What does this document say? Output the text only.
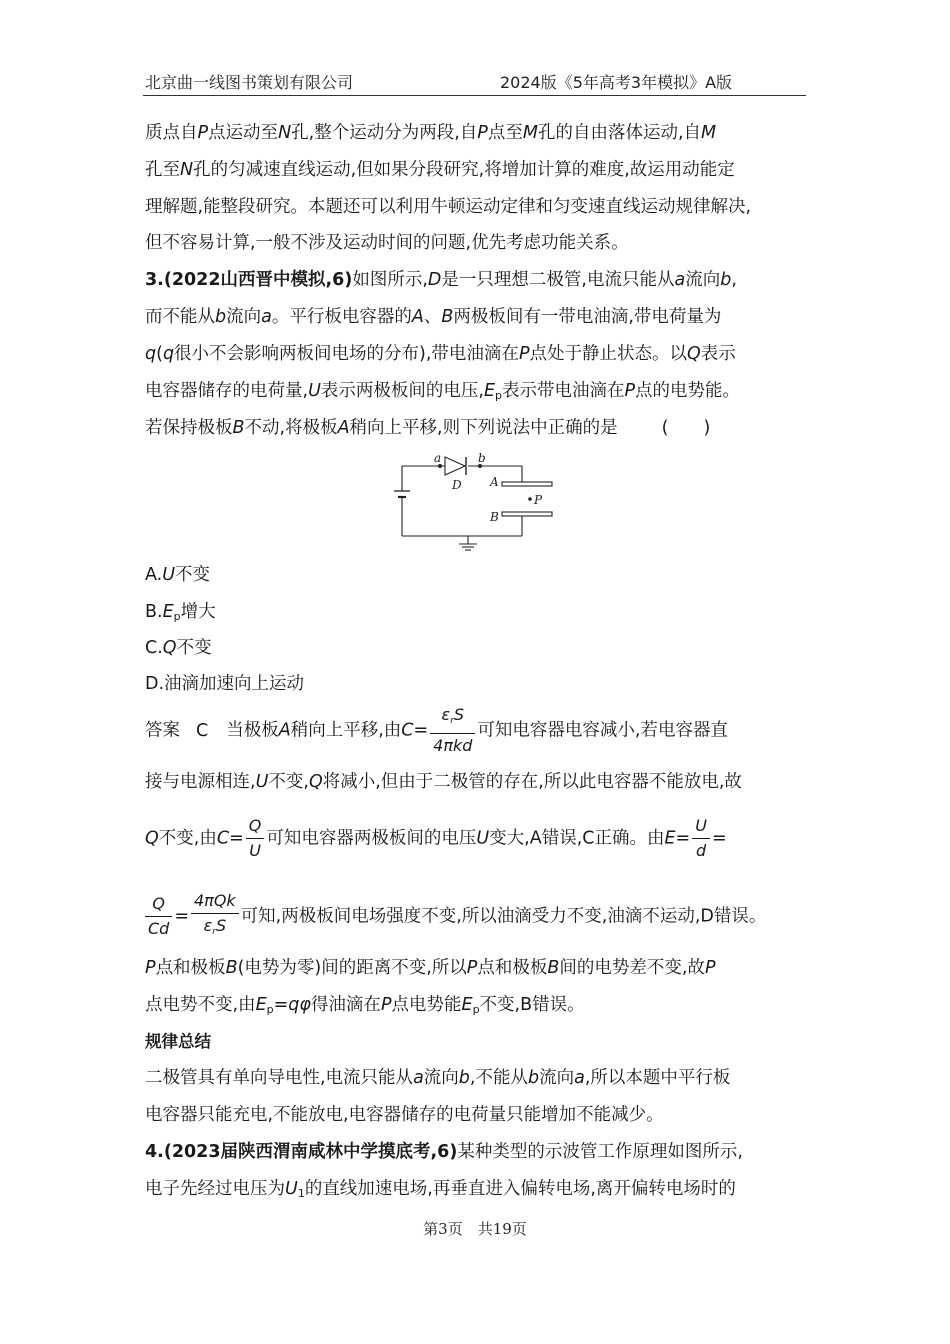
北京曲一线图书策划有限公司	2024版《5年高考3年模拟》A版
质点自P点运动至N孔,整个运动分为两段,自P点至M孔的自由落体运动,自M
孔至N孔的匀减速直线运动,但如果分段研究,将增加计算的难度,故运用动能定
理解题,能整段研究。本题还可以利用牛顿运动定律和匀变速直线运动规律解决,
但不容易计算,一般不涉及运动时间的问题,优先考虑功能关系。
3.(2022山西晋中模拟,6)如图所示,D是一只理想二极管,电流只能从a流向b,
而不能从b流向a。平行板电容器的A、B两极板间有一带电油滴,带电荷量为
q(q很小不会影响两板间电场的分布),带电油滴在P点处于静止状态。以Q表示
电容器储存的电荷量,U表示两极板间的电压$,E_p$表示带电油滴在P点的电势能。
若保持极板B不动,将极板A稍向上平移,则下列说法中正确的是	(　　)
a	b
D A
P
B
A.U不变
$B.E_p$增大
C.Q不变
D.油滴加速向上运动
答案 C 当极板A稍向上平移,由$C= \frac{\text{εrS}}{\text{4πkd}}$ 可知电容器电容减小,若电容器直
接与电源相连,U不变,Q将减小,但由于二极管的存在,所以此电容器不能放电,故
Q不变,由$C= \frac{Q}{U}$ 可知电容器两极板间的电压U变大,A错误,C正确。由$E= \frac{U}{d}$ =
$\frac{Q}{Cd} = \frac{\text{4πQk}}{\text{εrS}}$ 可知,两极板间电场强度不变,所以油滴受力不变,油滴不运动,D错误。
P点和极板B(电势为零)间的距离不变,所以P点和极板B间的电势差不变,故P
点电势不变,由$E_p=q\varphi$得油滴在P点电势能$E_p$不变,B错误。
规律总结
二极管具有单向导电性,电流只能从a流向b,不能从b流向a,所以本题中平行板
电容器只能充电,不能放电,电容器储存的电荷量只能增加不能减少。
4.(2023届陕西渭南咸林中学摸底考,6)某种类型的示波管工作原理如图所示,
电子先经过电压为$U_1$的直线加速电场,再垂直进入偏转电场,离开偏转电场时的
第3页　共19页
